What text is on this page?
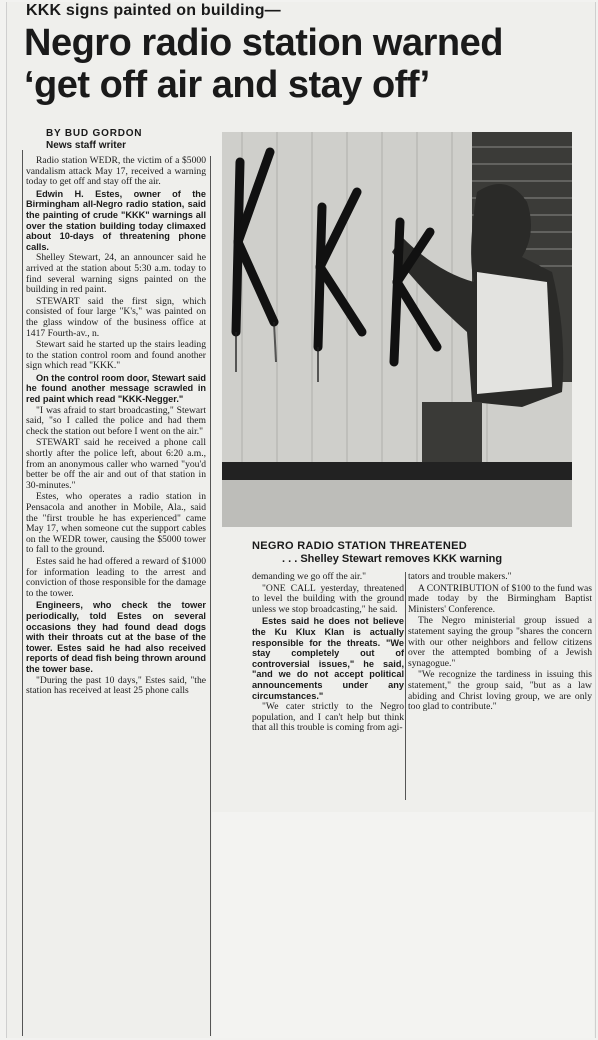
KKK signs painted on building—
Negro radio station warned
‘get off air and stay off’
BY BUD GORDON
News staff writer

Radio station WEDR, the victim of a $5000 vandalism attack May 17, received a warning today to get off and stay off the air.

Edwin H. Estes, owner of the Birmingham all-Negro radio station, said the painting of crude "KKK" warnings all over the station building today climaxed about 10-days of threatening phone calls.

Shelley Stewart, 24, an announcer said he arrived at the station about 5:30 a.m. today to find several warning signs painted on the building in red paint.

STEWART said the first sign, which consisted of four large "K's," was painted on the glass window of the business office at 1417 Fourth-av., n.

Stewart said he started up the stairs leading to the station control room and found another sign which read "KKK."

On the control room door, Stewart said he found another message scrawled in red paint which read "KKK-Negger."

"I was afraid to start broadcasting," Stewart said, "so I called the police and had them check the station out before I went on the air."

STEWART said he received a phone call shortly after the police left, about 6:20 a.m., from an anonymous caller who warned "you'd better be off the air and out of that station in 30-minutes."

Estes, who operates a radio station in Pensacola and another in Mobile, Ala., said the "first trouble he has experienced" came May 17, when someone cut the support cables on the WEDR tower, causing the $5000 tower to fall to the ground.

Estes said he had offered a reward of $1000 for information leading to the arrest and conviction of those responsible for the damage to the tower.

Engineers, who check the tower periodically, told Estes on several occasions they had found dead dogs with their throats cut at the base of the tower. Estes said he had also received reports of dead fish being thrown around the tower base.

"During the past 10 days," Estes said, "the station has received at least 25 phone calls

NEGRO RADIO STATION THREATENED
. . . Shelley Stewart removes KKK warning

demanding we go off the air."

"ONE CALL yesterday, threatened to level the building with the ground unless we stop broadcasting," he said.

Estes said he does not believe the Ku Klux Klan is actually responsible for the threats. "We stay completely out of controversial issues," he said, "and we do not accept political announcements under any circumstances."

"We cater strictly to the Negro population, and I can't help but think that all this trouble is coming from agi-

tators and trouble makers."

A CONTRIBUTION of $100 to the fund was made today by the Birmingham Baptist Ministers' Conference.

The Negro ministerial group issued a statement saying the group "shares the concern with our other neighbors and fellow citizens over the attempted bombing of a Jewish synagogue."

"We recognize the tardiness in issuing this statement," the group said, "but as a law abiding and Christ loving group, we are only too glad to contribute."
